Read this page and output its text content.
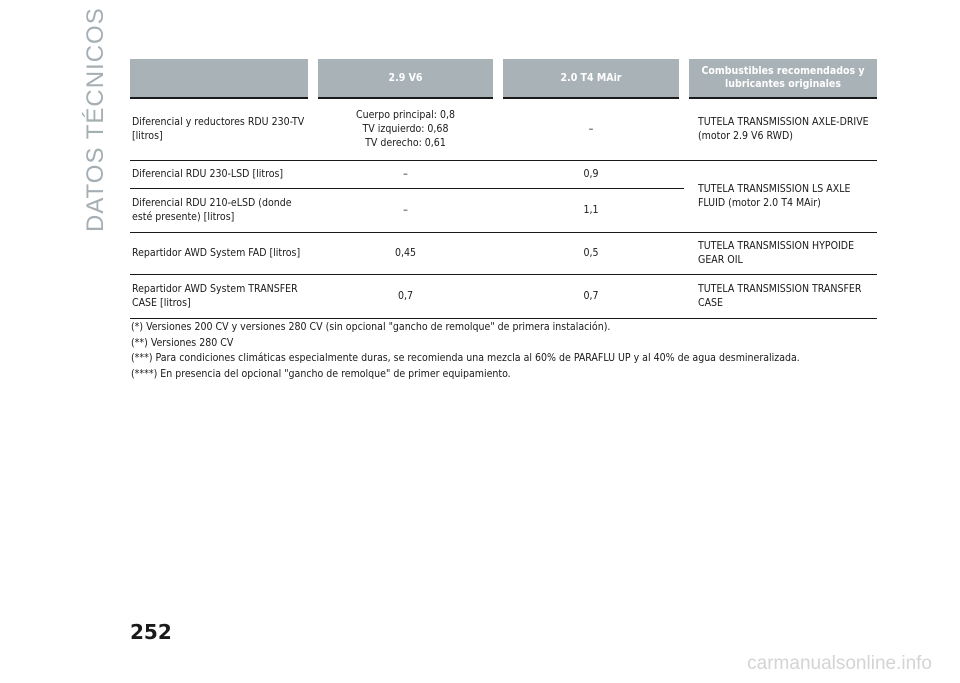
DATOS TÉCNICOS
		2.9 V6	2.0 T4 MAir	Combustibles recomendados y lubricantes originales
Diferencial y reductores RDU 230-TV [litros]	Cuerpo principal: 0,8
TV izquierdo: 0,68
TV derecho: 0,61	–	TUTELA TRANSMISSION AXLE-DRIVE (motor 2.9 V6 RWD)
Diferencial RDU 230-LSD [litros]	–	0,9	TUTELA TRANSMISSION LS AXLE FLUID (motor 2.0 T4 MAir)
Diferencial RDU 210-eLSD (donde esté presente) [litros]	–	1,1	
Repartidor AWD System FAD [litros]	0,45	0,5	TUTELA TRANSMISSION HYPOIDE GEAR OIL
Repartidor AWD System TRANSFER CASE [litros]	0,7	0,7	TUTELA TRANSMISSION TRANSFER CASE

(*) Versiones 200 CV y versiones 280 CV (sin opcional "gancho de remolque" de primera instalación).

(**) Versiones 280 CV

(***) Para condiciones climáticas especialmente duras, se recomienda una mezcla al 60% de PARAFLU UP y al 40% de agua desmineralizada.

(****) En presencia del opcional "gancho de remolque" de primer equipamiento.

252
carmanualsonline.info
